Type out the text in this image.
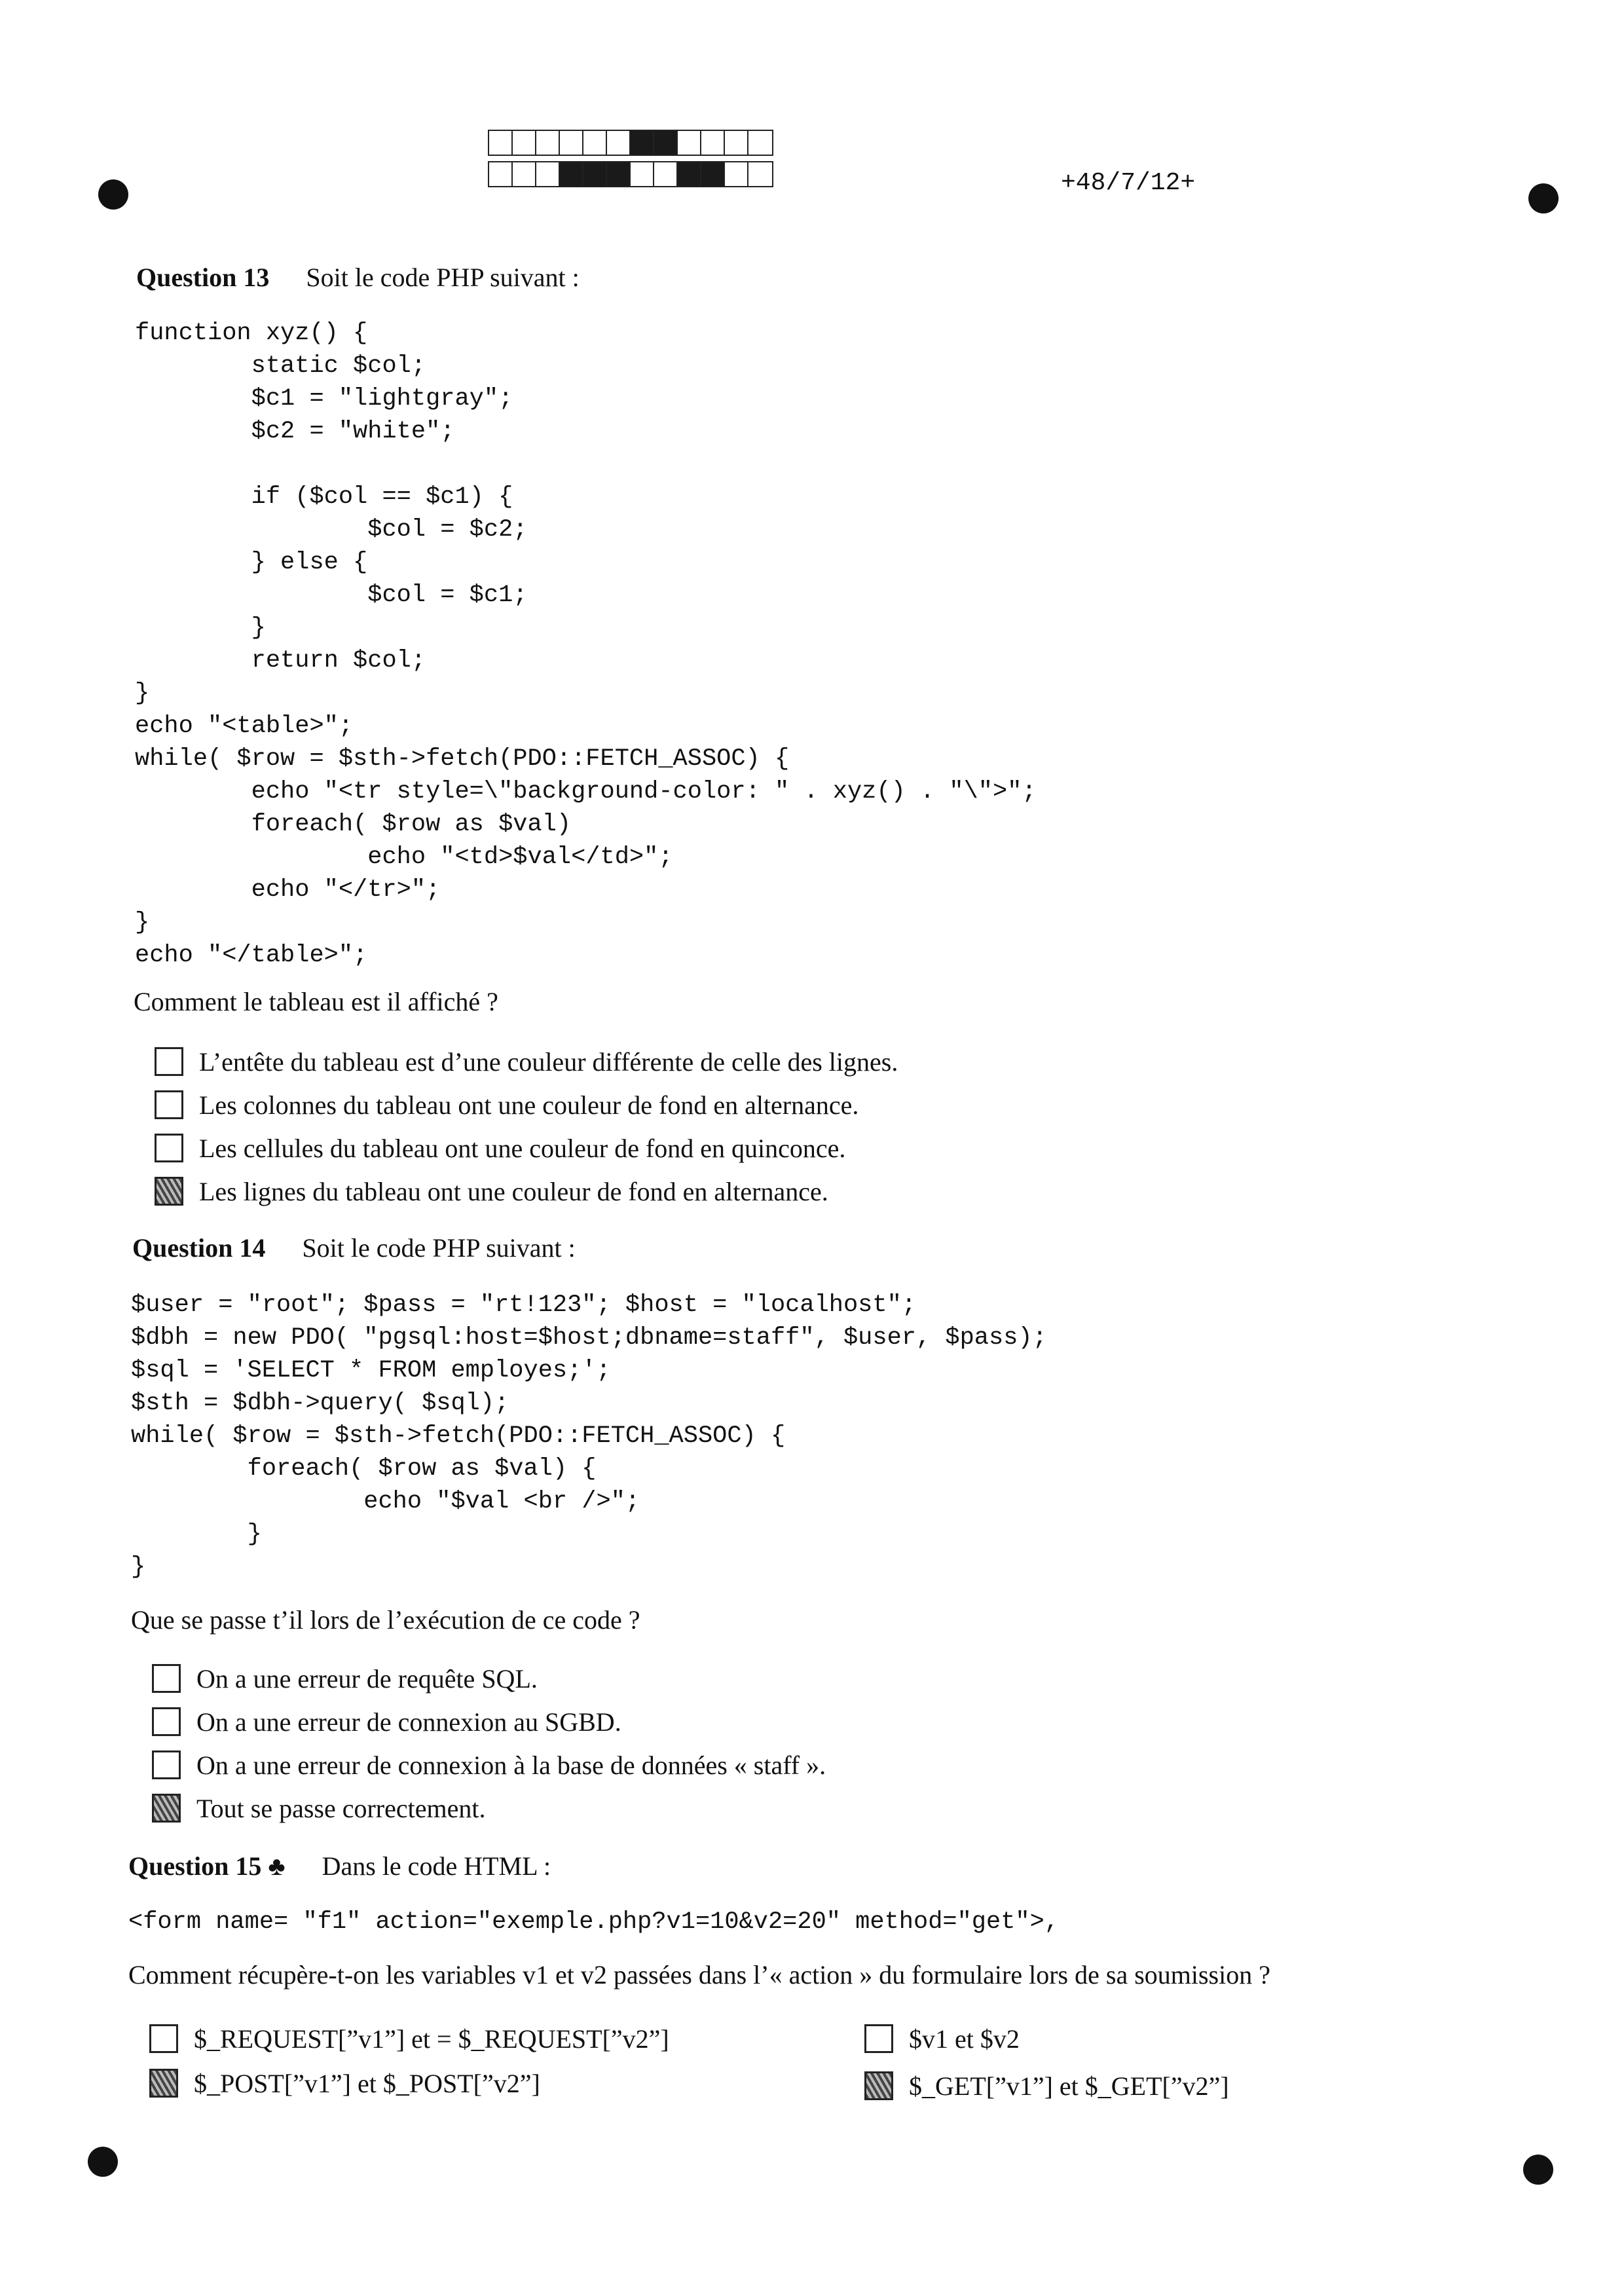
+48/7/12+
Question 13 Soit le code PHP suivant :
function xyz() {
static $col;
$c1 = "lightgray";
$c2 = "white";

if ($col == $c1) {
$col = $c2;
} else {
$col = $c1;
}
return $col;
}
echo "<table>";
while( $row = $sth->fetch(PDO::FETCH_ASSOC) {
echo "<tr style=\"background-color: " . xyz() . "\">";
foreach( $row as $val)
echo "<td>$val</td>";
echo "</tr>";
}
echo "</table>";
Comment le tableau est il affiché ?
L’entête du tableau est d’une couleur différente de celle des lignes.
Les colonnes du tableau ont une couleur de fond en alternance.
Les cellules du tableau ont une couleur de fond en quinconce.
Les lignes du tableau ont une couleur de fond en alternance.
Question 14 Soit le code PHP suivant :
$user = "root"; $pass = "rt!123"; $host = "localhost";
$dbh = new PDO( "pgsql:host=$host;dbname=staff", $user, $pass);
$sql = 'SELECT * FROM employes;';
$sth = $dbh->query( $sql);
while( $row = $sth->fetch(PDO::FETCH_ASSOC) {
foreach( $row as $val) {
echo "$val <br />";
}
}
Que se passe t’il lors de l’exécution de ce code ?
On a une erreur de requête SQL.
On a une erreur de connexion au SGBD.
On a une erreur de connexion à la base de données « staff ».
Tout se passe correctement.
Question 15 ♣ Dans le code HTML :
<form name= "f1" action="exemple.php?v1=10&v2=20" method="get">,
Comment récupère-t-on les variables v1 et v2 passées dans l’« action » du formulaire lors de sa soumission ?
$_REQUEST[”v1”] et = $_REQUEST[”v2”]	$v1 et $v2
$_POST[”v1”] et $_POST[”v2”]	$_GET[”v1”] et $_GET[”v2”]
